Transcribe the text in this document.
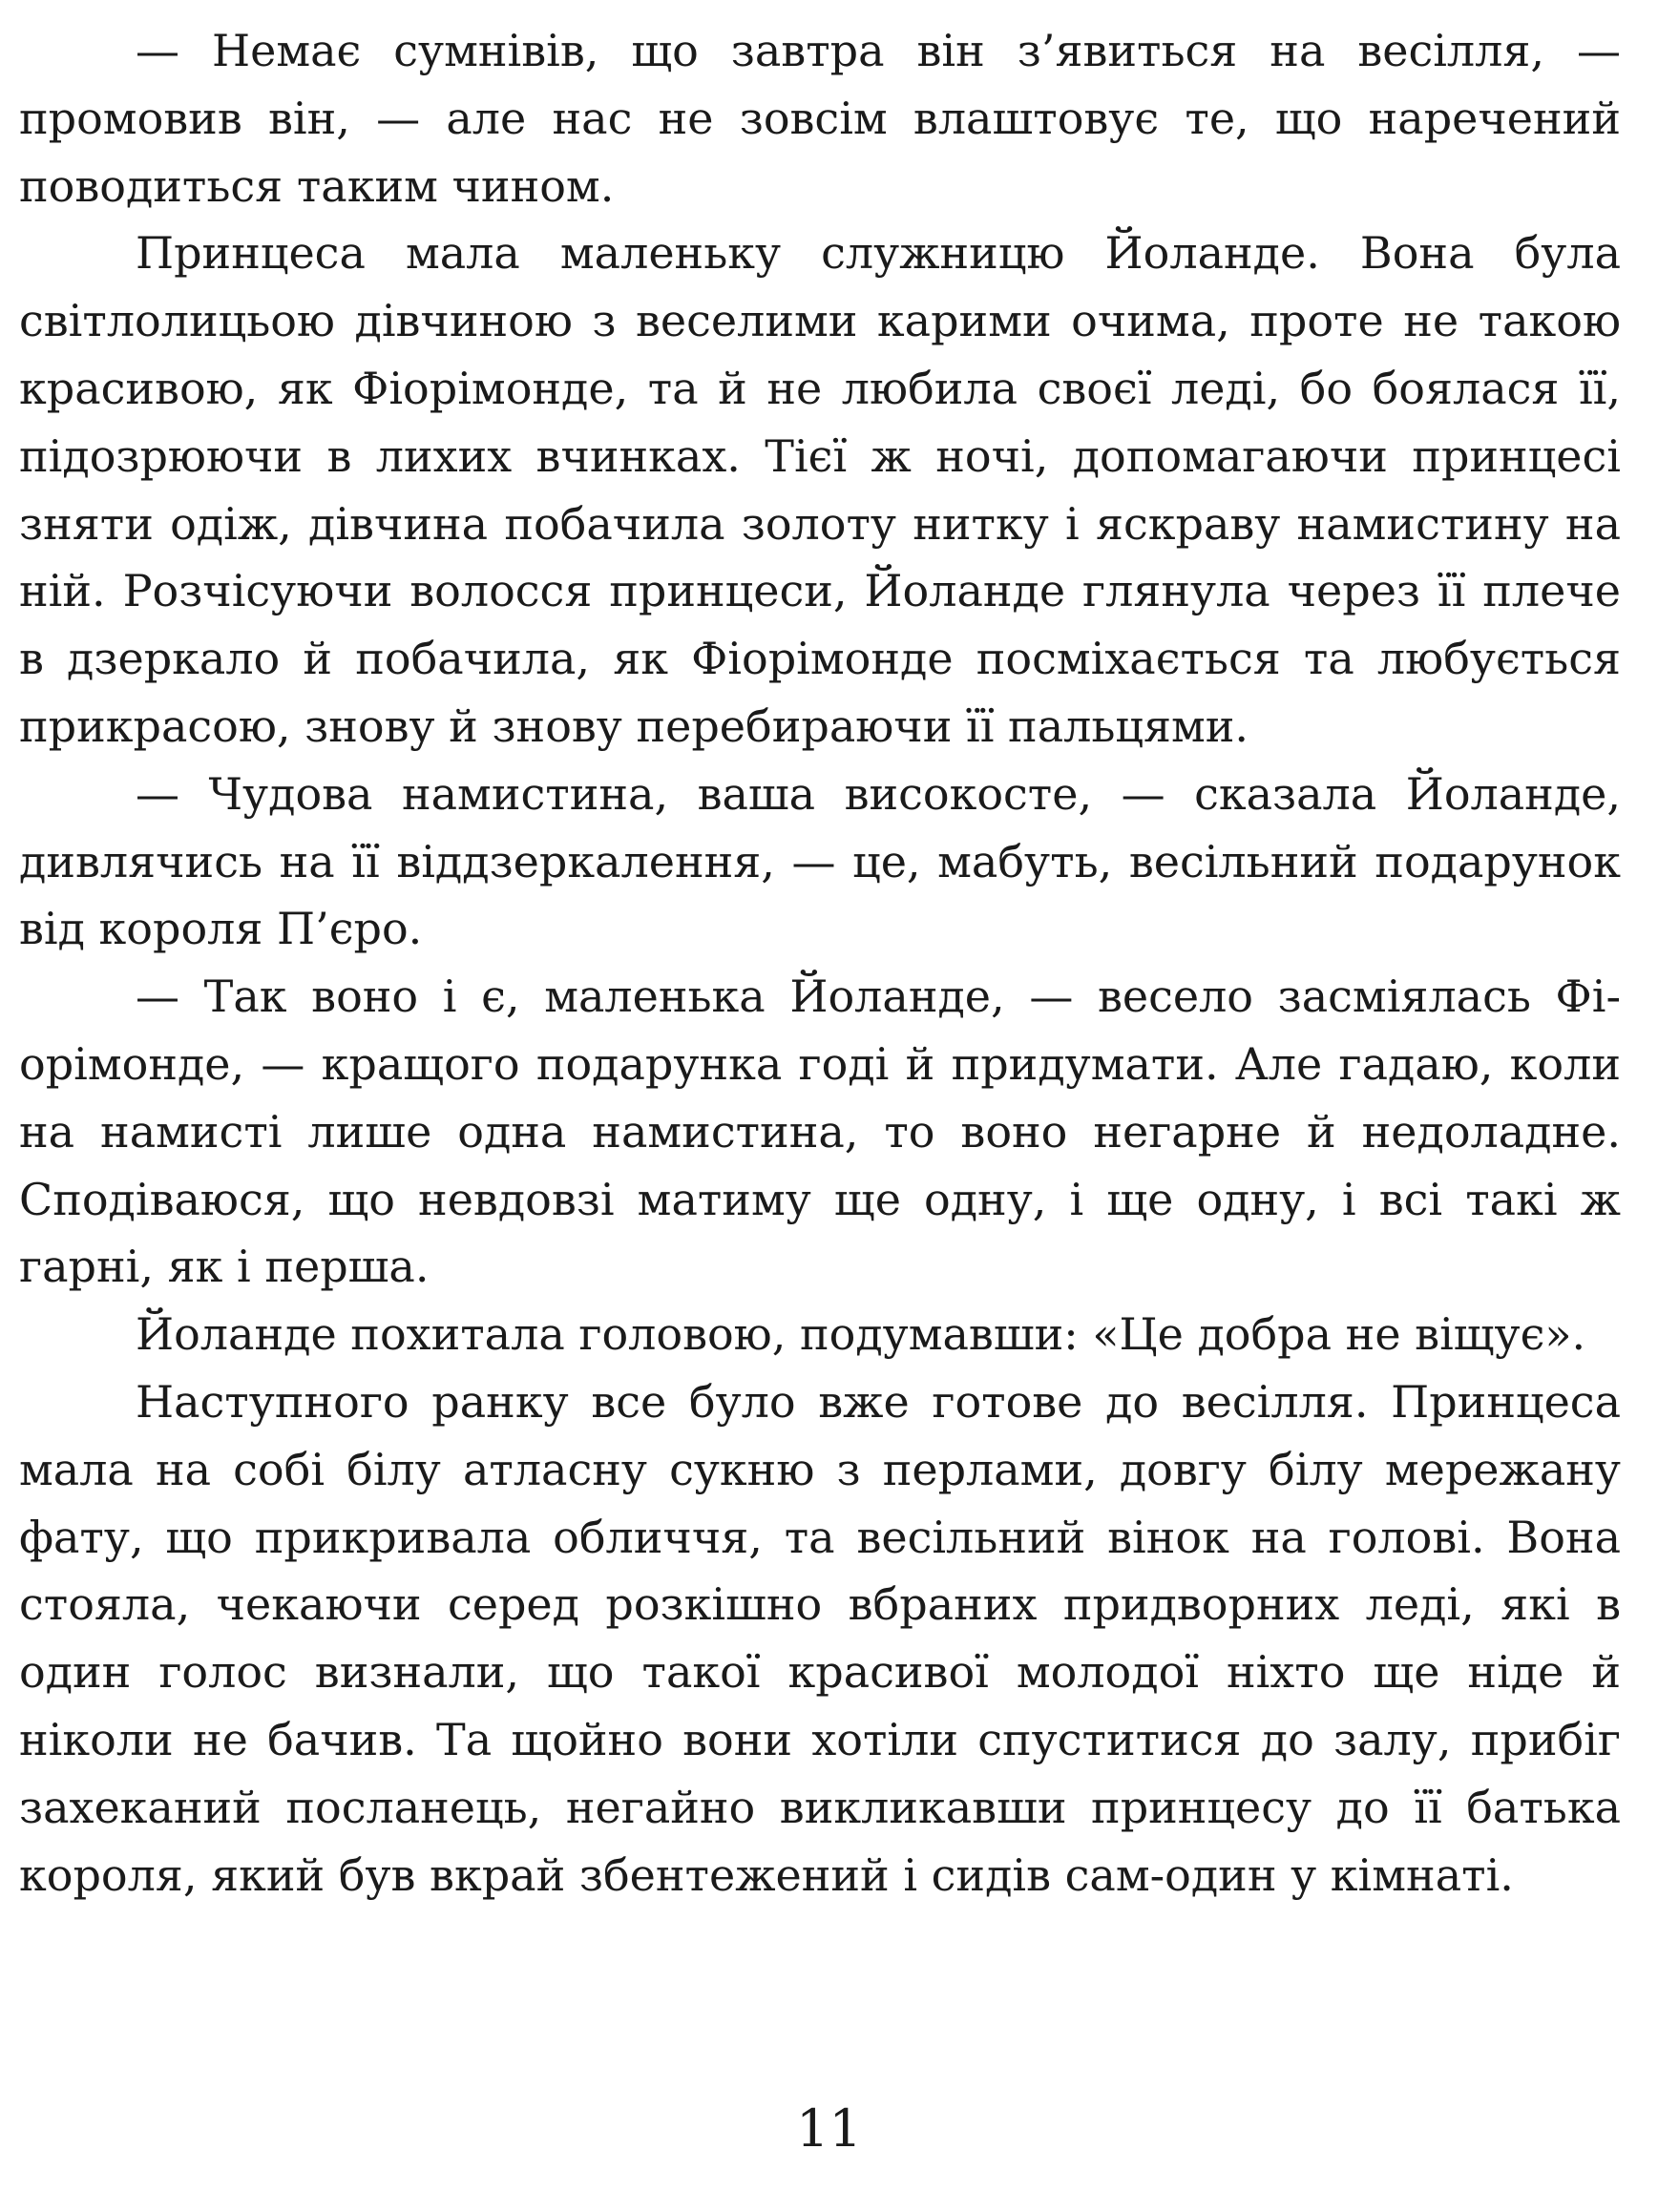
— Немає сумнівів, що завтра він з’явиться на весілля, — промовив він, — але нас не зовсім влаштовує те, що наречений поводиться таким чином.

Принцеса мала маленьку служницю Йоланде. Вона була світлолицьою дівчиною з веселими карими очима, проте не такою красивою, як Фіорімонде, та й не любила своєї леді, бо боялася її, підозрюючи в лихих вчинках. Тієї ж ночі, допомагаючи принцесі зняти одіж, дівчина побачила золоту нитку і яскраву намистину на ній. Розчісуючи волосся принцеси, Йоланде глянула через її плече в дзеркало й побачила, як Фіорімонде посміхається та любується прикрасою, знову й знову перебираючи її пальцями.

— Чудова намистина, ваша високосте, — сказала Йоланде, дивлячись на її віддзеркалення, — це, мабуть, весільний подарунок від короля П’єро.

— Так воно і є, маленька Йоланде, — весело засміялась Фіорімонде, — кращого подарунка годі й придумати. Але гадаю, коли на намисті лише одна намистина, то воно негарне й недоладне. Сподіваюся, що невдовзі матиму ще одну, і ще одну, і всі такі ж гарні, як і перша.

Йоланде похитала головою, подумавши: «Це добра не віщує».

Наступного ранку все було вже готове до весілля. Принцеса мала на собі білу атласну сукню з перлами, довгу білу мережану фату, що прикривала обличчя, та весільний вінок на голові. Вона стояла, чекаючи серед розкішно вбраних придворних леді, які в один голос визнали, що такої красивої молодої ніхто ще ніде й ніколи не бачив. Та щойно вони хотіли спуститися до залу, прибіг захеканий посланець, негайно викликавши принцесу до її батька короля, який був вкрай збентежений і сидів сам-один у кімнаті.

11
